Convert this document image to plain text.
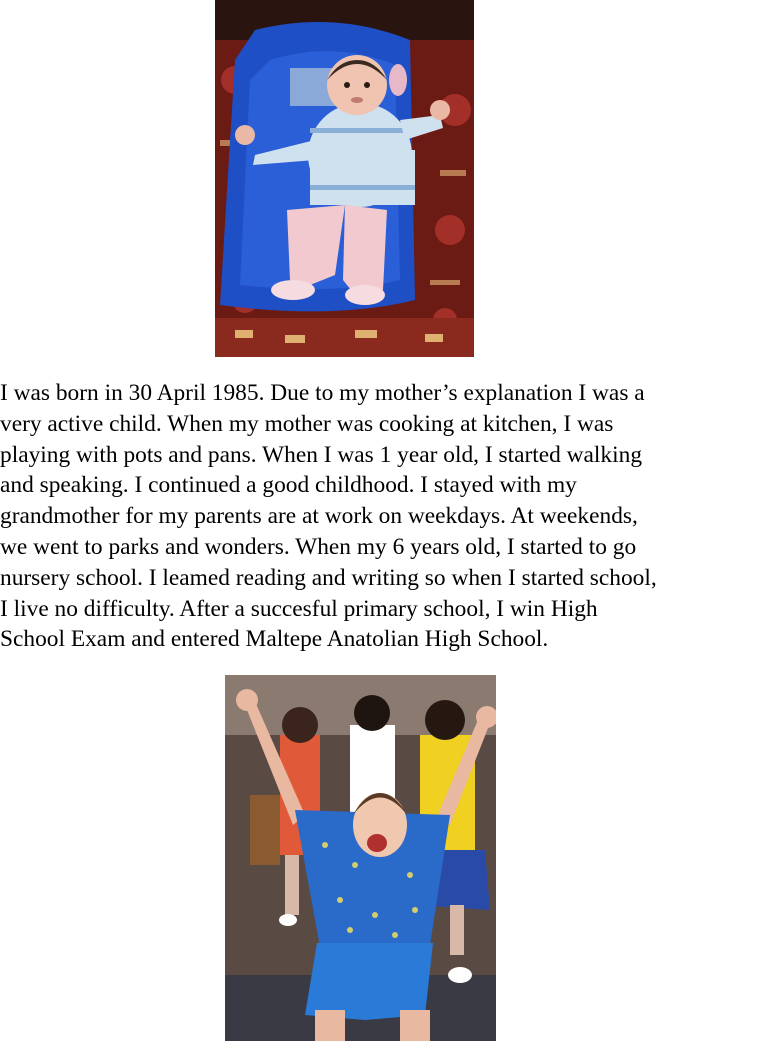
I was born in 30 April 1985. Due to my mother’s explanation I was a
very active child. When my mother was cooking at kitchen, I was
playing with pots and pans. When I was 1 year old, I started walking
and speaking. I continued a good childhood. I stayed with my
grandmother for my parents are at work on weekdays. At weekends,
we went to parks and wonders. When my 6 years old, I started to go
nursery school. I leamed reading and writing so when I started school,
I live no difficulty. After a succesful primary school, I win High
School Exam and entered Maltepe Anatolian High School.
